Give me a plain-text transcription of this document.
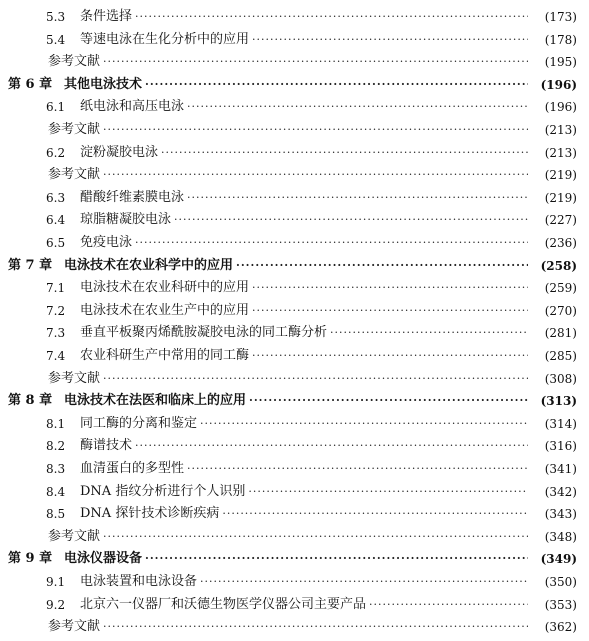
5.3	条件选择 ·····	(173)
5.4	等速电泳在生化分析中的应用 ·····	(178)
参考文献 ·····	(195)
第 6 章 其他电泳技术 ·····	(196)
6.1	纸电泳和高压电泳 ·····	(196)
参考文献 ·····	(213)
6.2	淀粉凝胶电泳 ·····	(213)
参考文献 ·····	(219)
6.3	醋酸纤维素膜电泳 ·····	(219)
6.4	琼脂糖凝胶电泳 ·····	(227)
6.5	免疫电泳 ·····	(236)
第 7 章 电泳技术在农业科学中的应用 ·····	(258)
7.1	电泳技术在农业科研中的应用 ·····	(259)
7.2	电泳技术在农业生产中的应用 ·····	(270)
7.3	垂直平板聚丙烯酰胺凝胶电泳的同工酶分析 ·····	(281)
7.4	农业科研生产中常用的同工酶 ·····	(285)
参考文献 ·····	(308)
第 8 章 电泳技术在法医和临床上的应用 ·····	(313)
8.1	同工酶的分离和鉴定 ·····	(314)
8.2	酶谱技术 ·····	(316)
8.3	血清蛋白的多型性 ·····	(341)
8.4	DNA 指纹分析进行个人识别 ·····	(342)
8.5	DNA 探针技术诊断疾病 ·····	(343)
参考文献 ·····	(348)
第 9 章 电泳仪器设备 ·····	(349)
9.1	电泳装置和电泳设备 ·····	(350)
9.2	北京六一仪器厂和沃德生物医学仪器公司主要产品 ·····	(353)
参考文献 ·····	(362)
